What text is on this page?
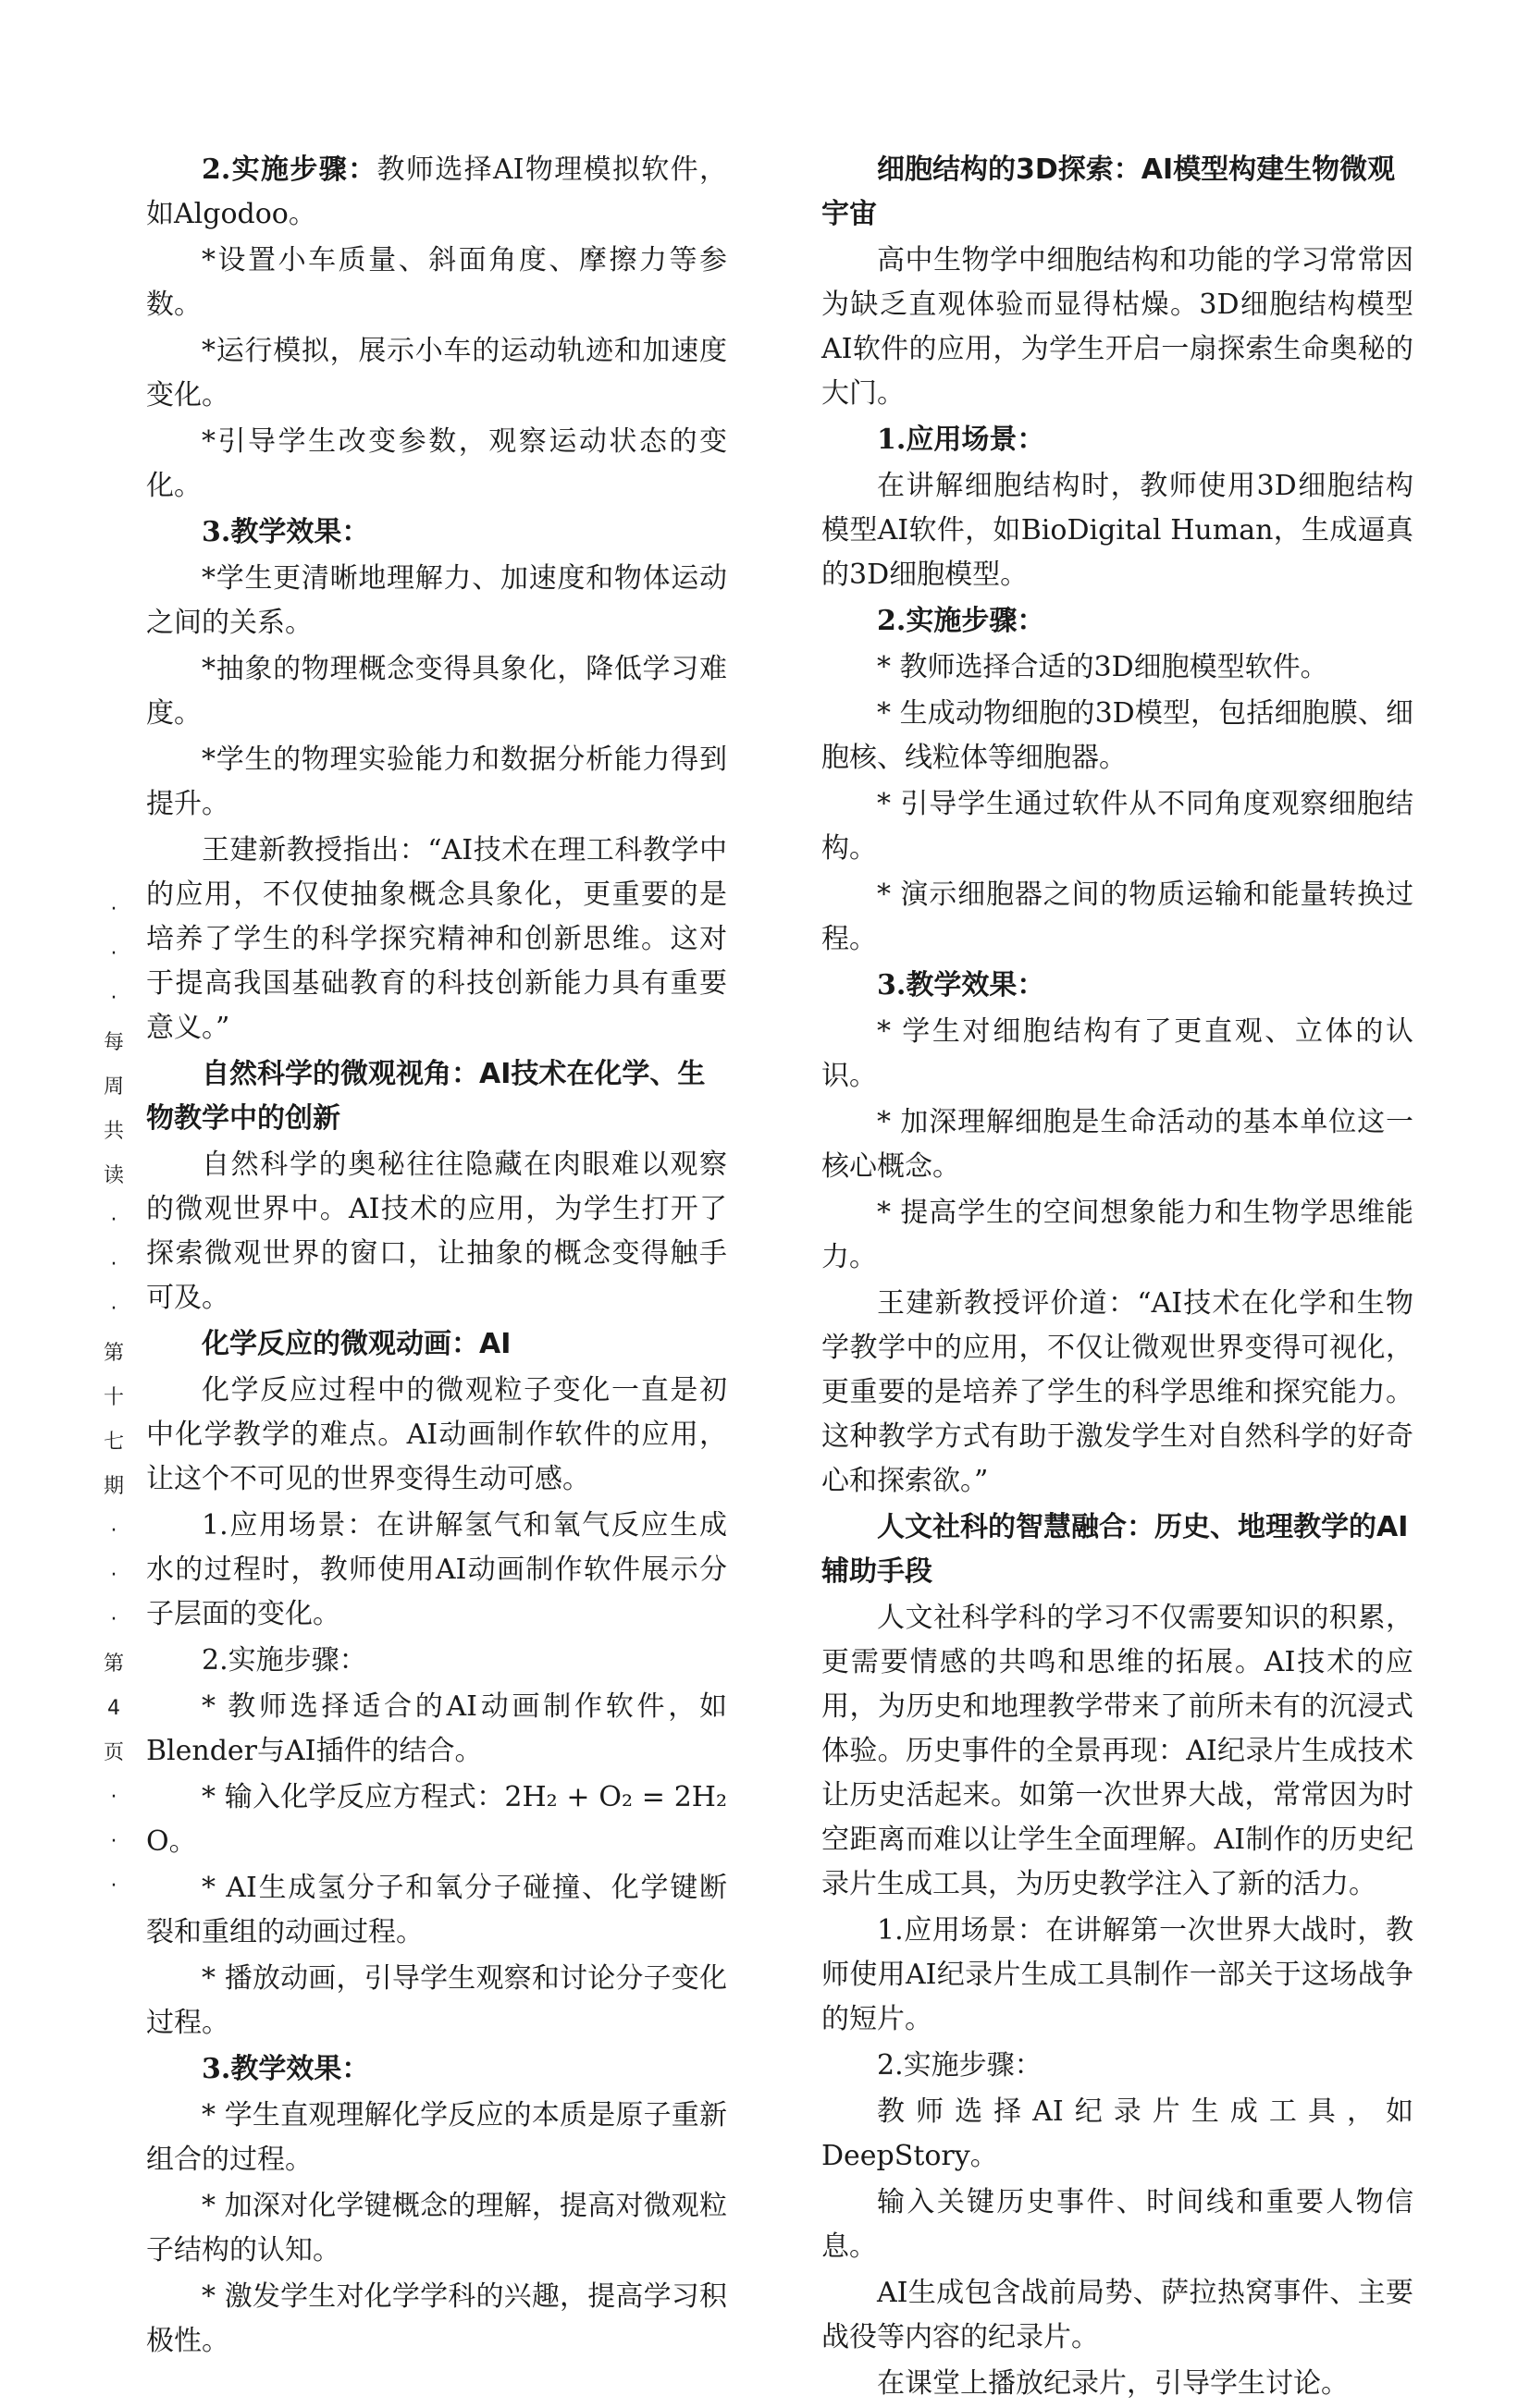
2.实施步骤：教师选择AI物理模拟软件，如Algodoo。

*设置小车质量、斜面角度、摩擦力等参数。

*运行模拟，展示小车的运动轨迹和加速度变化。

*引导学生改变参数，观察运动状态的变化。

3.教学效果：

*学生更清晰地理解力、加速度和物体运动之间的关系。

*抽象的物理概念变得具象化，降低学习难度。

*学生的物理实验能力和数据分析能力得到提升。

王建新教授指出：“AI技术在理工科教学中的应用，不仅使抽象概念具象化，更重要的是培养了学生的科学探究精神和创新思维。这对于提高我国基础教育的科技创新能力具有重要意义。”

自然科学的微观视角：AI技术在化学、生物教学中的创新

自然科学的奥秘往往隐藏在肉眼难以观察的微观世界中。AI技术的应用，为学生打开了探索微观世界的窗口，让抽象的概念变得触手可及。

化学反应的微观动画：AI

化学反应过程中的微观粒子变化一直是初中化学教学的难点。AI动画制作软件的应用，让这个不可见的世界变得生动可感。

1.应用场景：在讲解氢气和氧气反应生成水的过程时，教师使用AI动画制作软件展示分子层面的变化。

2.实施步骤：

* 教师选择适合的AI动画制作软件，如Blender与AI插件的结合。

* 输入化学反应方程式：2H₂ + O₂ = 2H₂ O。

* AI生成氢分子和氧分子碰撞、化学键断裂和重组的动画过程。

* 播放动画，引导学生观察和讨论分子变化过程。

3.教学效果：

* 学生直观理解化学反应的本质是原子重新组合的过程。

* 加深对化学键概念的理解，提高对微观粒子结构的认知。

* 激发学生对化学学科的兴趣，提高学习积极性。

·
·
·
每
周
共
读
·
·
·
第
十
七
期
·
·
·
第
4
页
·
·
·

细胞结构的3D探索：AI模型构建生物微观宇宙

高中生物学中细胞结构和功能的学习常常因为缺乏直观体验而显得枯燥。3D细胞结构模型AI软件的应用，为学生开启一扇探索生命奥秘的大门。

1.应用场景：

在讲解细胞结构时，教师使用3D细胞结构模型AI软件，如BioDigital Human，生成逼真的3D细胞模型。

2.实施步骤：

* 教师选择合适的3D细胞模型软件。

* 生成动物细胞的3D模型，包括细胞膜、细胞核、线粒体等细胞器。

* 引导学生通过软件从不同角度观察细胞结构。

* 演示细胞器之间的物质运输和能量转换过程。

3.教学效果：

* 学生对细胞结构有了更直观、立体的认识。

* 加深理解细胞是生命活动的基本单位这一核心概念。

* 提高学生的空间想象能力和生物学思维能力。

王建新教授评价道：“AI技术在化学和生物学教学中的应用，不仅让微观世界变得可视化，更重要的是培养了学生的科学思维和探究能力。这种教学方式有助于激发学生对自然科学的好奇心和探索欲。”

人文社科的智慧融合：历史、地理教学的AI辅助手段

人文社科学科的学习不仅需要知识的积累，更需要情感的共鸣和思维的拓展。AI技术的应用，为历史和地理教学带来了前所未有的沉浸式体验。历史事件的全景再现：AI纪录片生成技术让历史活起来。如第一次世界大战，常常因为时空距离而难以让学生全面理解。AI制作的历史纪录片生成工具，为历史教学注入了新的活力。

1.应用场景：在讲解第一次世界大战时，教师使用AI纪录片生成工具制作一部关于这场战争的短片。

2.实施步骤：

教师选择AI纪录片生成工具，如DeepStory。

输入关键历史事件、时间线和重要人物信息。

AI生成包含战前局势、萨拉热窝事件、主要战役等内容的纪录片。

在课堂上播放纪录片，引导学生讨论。
